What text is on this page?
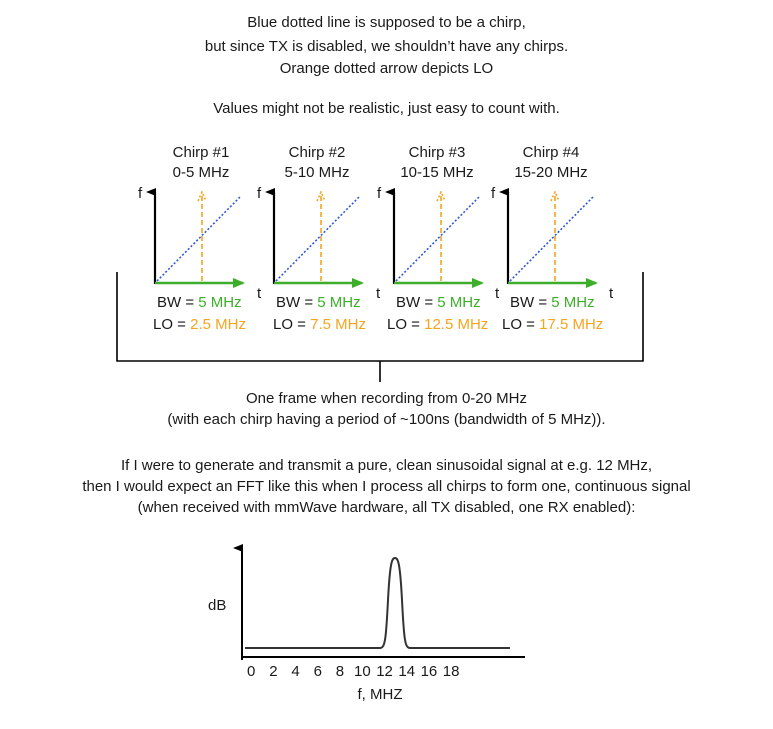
Blue dotted line is supposed to be a chirp,
but since TX is disabled, we shouldn’t have any chirps.
Orange dotted arrow depicts LO
Values might not be realistic, just easy to count with.
Chirp #1
0-5 MHz
Chirp #2
5-10 MHz
Chirp #3
10-15 MHz
Chirp #4
15-20 MHz
f	f	f	f
t	t	t	t
BW = 5 MHz
LO = 2.5 MHz
BW = 5 MHz
LO = 7.5 MHz
BW = 5 MHz
LO = 12.5 MHz
BW = 5 MHz
LO = 17.5 MHz
One frame when recording from 0-20 MHz
(with each chirp having a period of ~100ns (bandwidth of 5 MHz)).
If I were to generate and transmit a pure, clean sinusoidal signal at e.g. 12 MHz,
then I would expect an FFT like this when I process all chirps to form one, continuous signal
(when received with mmWave hardware, all TX disabled, one RX enabled):
dB
0 2 4 6 8 10 12 14 16 18
f, MHZ
